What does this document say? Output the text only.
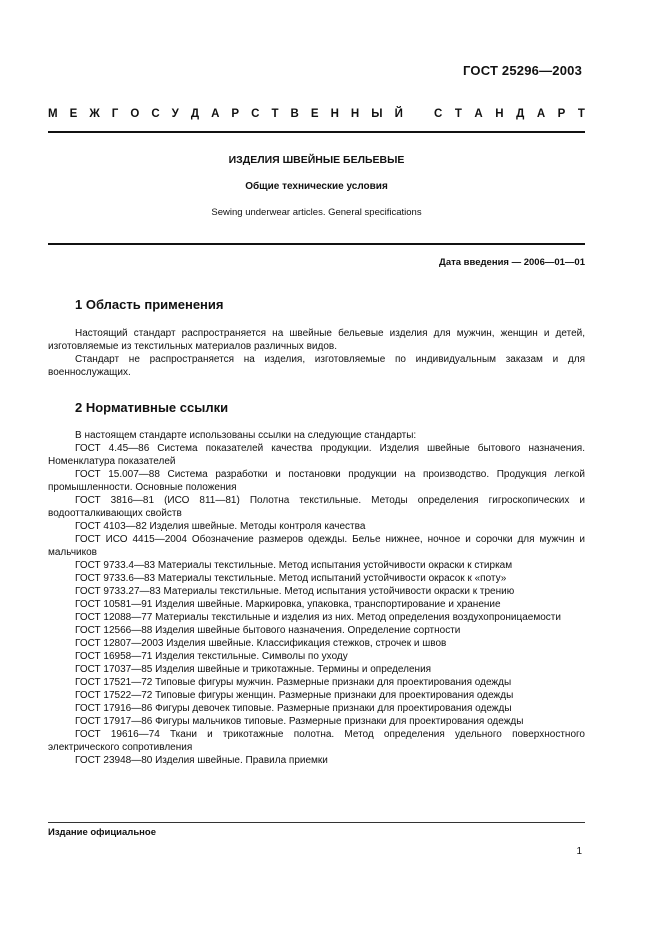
ГОСТ 25296—2003
М Е Ж Г О С У Д А Р С Т В Е Н Н Ы Й	С Т А Н Д А Р Т
ИЗДЕЛИЯ ШВЕЙНЫЕ БЕЛЬЕВЫЕ
Общие технические условия
Sewing underwear articles. General specifications
Дата введения — 2006—01—01
1 Область применения

Настоящий стандарт распространяется на швейные бельевые изделия для мужчин, женщин и детей, изготовляемые из текстильных материалов различных видов.

Стандарт не распространяется на изделия, изготовляемые по индивидуальным заказам и для военнослужащих.

2 Нормативные ссылки

В настоящем стандарте использованы ссылки на следующие стандарты:

ГОСТ 4.45—86 Система показателей качества продукции. Изделия швейные бытового назначения. Номенклатура показателей

ГОСТ 15.007—88 Система разработки и постановки продукции на производство. Продукция легкой промышленности. Основные положения

ГОСТ 3816—81 (ИСО 811—81) Полотна текстильные. Методы определения гигроскопических и водоотталкивающих свойств

ГОСТ 4103—82 Изделия швейные. Методы контроля качества

ГОСТ ИСО 4415—2004 Обозначение размеров одежды. Белье нижнее, ночное и сорочки для мужчин и мальчиков

ГОСТ 9733.4—83 Материалы текстильные. Метод испытания устойчивости окраски к стиркам

ГОСТ 9733.6—83 Материалы текстильные. Метод испытаний устойчивости окрасок к «поту»

ГОСТ 9733.27—83 Материалы текстильные. Метод испытания устойчивости окраски к трению

ГОСТ 10581—91 Изделия швейные. Маркировка, упаковка, транспортирование и хранение

ГОСТ 12088—77 Материалы текстильные и изделия из них. Метод определения воздухопроницаемости

ГОСТ 12566—88 Изделия швейные бытового назначения. Определение сортности

ГОСТ 12807—2003 Изделия швейные. Классификация стежков, строчек и швов

ГОСТ 16958—71 Изделия текстильные. Символы по уходу

ГОСТ 17037—85 Изделия швейные и трикотажные. Термины и определения

ГОСТ 17521—72 Типовые фигуры мужчин. Размерные признаки для проектирования одежды

ГОСТ 17522—72 Типовые фигуры женщин. Размерные признаки для проектирования одежды

ГОСТ 17916—86 Фигуры девочек типовые. Размерные признаки для проектирования одежды

ГОСТ 17917—86 Фигуры мальчиков типовые. Размерные признаки для проектирования одежды

ГОСТ 19616—74 Ткани и трикотажные полотна. Метод определения удельного поверхностного электрического сопротивления

ГОСТ 23948—80 Изделия швейные. Правила приемки

Издание официальное
1
